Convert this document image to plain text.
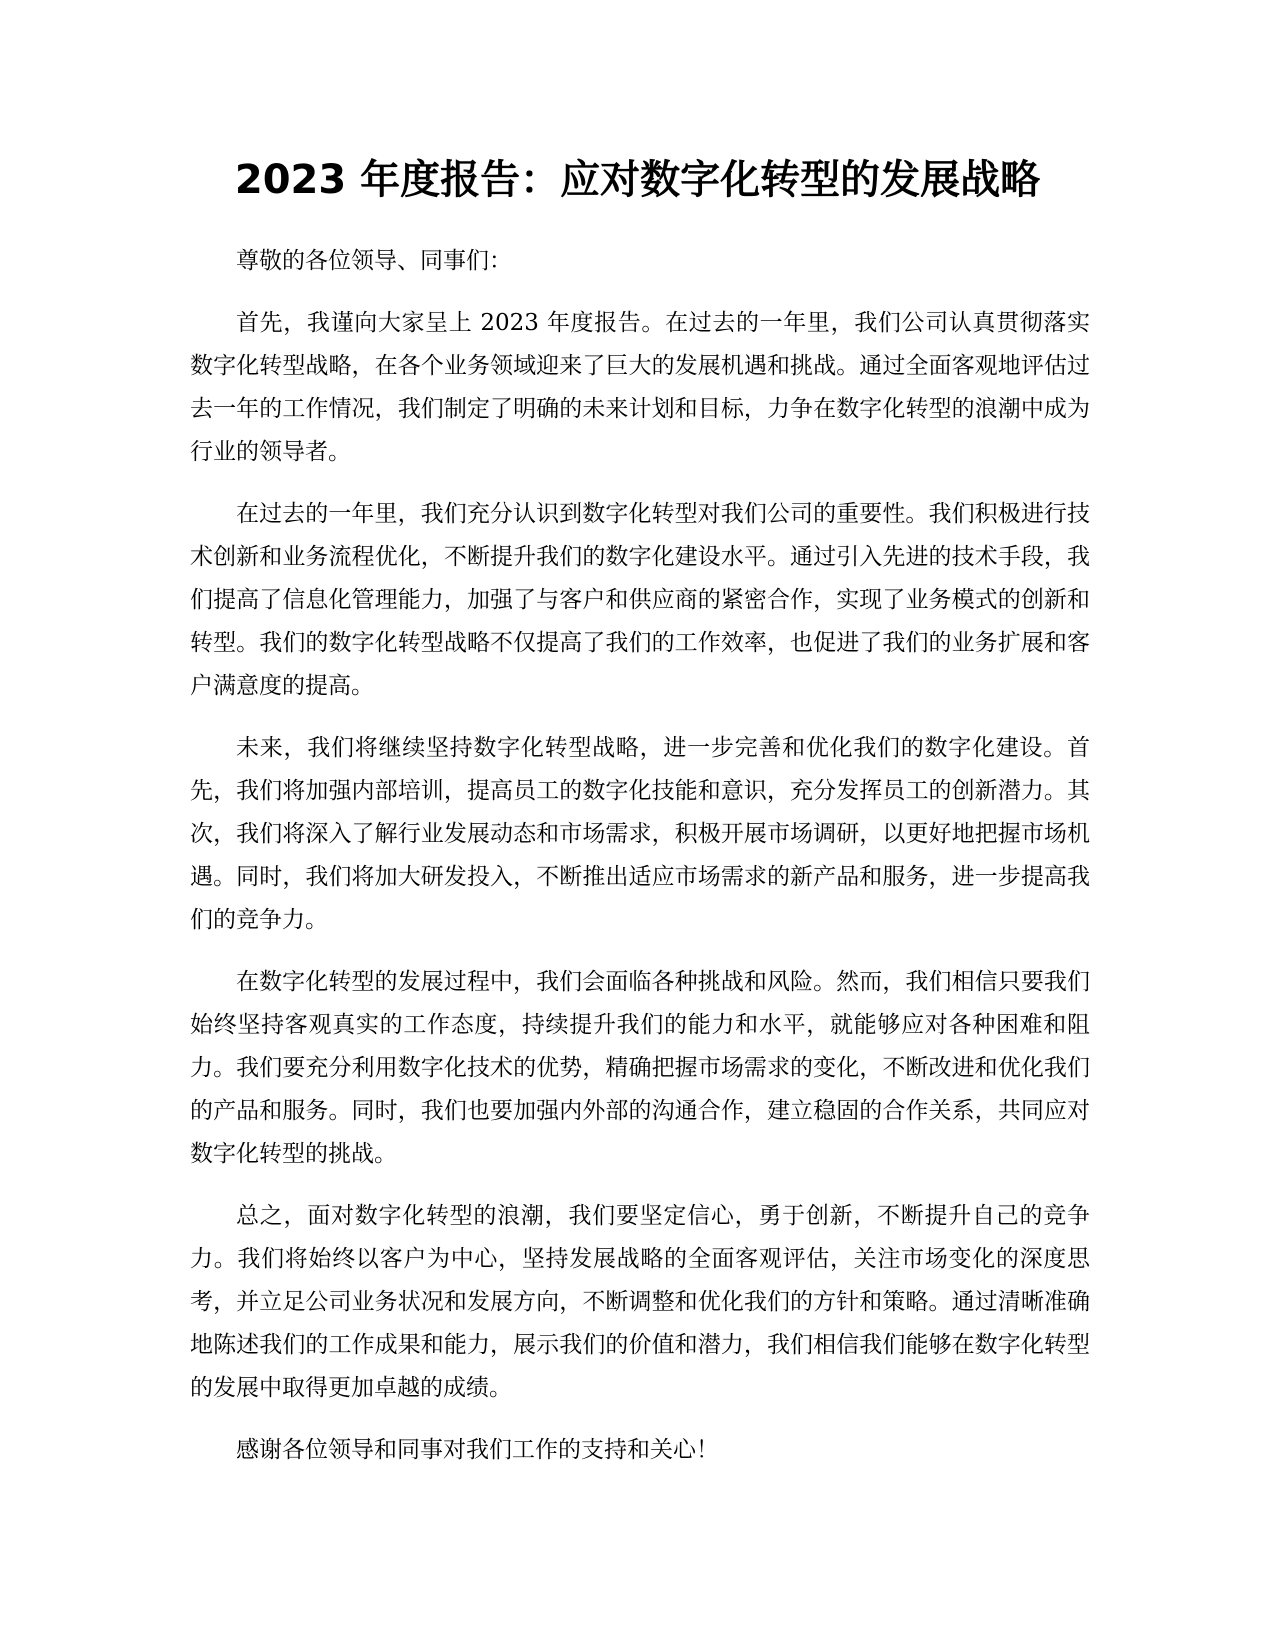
2023 年度报告：应对数字化转型的发展战略

尊敬的各位领导、同事们：

首先，我谨向大家呈上 2023 年度报告。在过去的一年里，我们公司认真贯彻落实数字化转型战略，在各个业务领域迎来了巨大的发展机遇和挑战。通过全面客观地评估过去一年的工作情况，我们制定了明确的未来计划和目标，力争在数字化转型的浪潮中成为行业的领导者。

在过去的一年里，我们充分认识到数字化转型对我们公司的重要性。我们积极进行技术创新和业务流程优化，不断提升我们的数字化建设水平。通过引入先进的技术手段，我们提高了信息化管理能力，加强了与客户和供应商的紧密合作，实现了业务模式的创新和转型。我们的数字化转型战略不仅提高了我们的工作效率，也促进了我们的业务扩展和客户满意度的提高。

未来，我们将继续坚持数字化转型战略，进一步完善和优化我们的数字化建设。首先，我们将加强内部培训，提高员工的数字化技能和意识，充分发挥员工的创新潜力。其次，我们将深入了解行业发展动态和市场需求，积极开展市场调研，以更好地把握市场机遇。同时，我们将加大研发投入，不断推出适应市场需求的新产品和服务，进一步提高我们的竞争力。

在数字化转型的发展过程中，我们会面临各种挑战和风险。然而，我们相信只要我们始终坚持客观真实的工作态度，持续提升我们的能力和水平，就能够应对各种困难和阻力。我们要充分利用数字化技术的优势，精确把握市场需求的变化，不断改进和优化我们的产品和服务。同时，我们也要加强内外部的沟通合作，建立稳固的合作关系，共同应对数字化转型的挑战。

总之，面对数字化转型的浪潮，我们要坚定信心，勇于创新，不断提升自己的竞争力。我们将始终以客户为中心，坚持发展战略的全面客观评估，关注市场变化的深度思考，并立足公司业务状况和发展方向，不断调整和优化我们的方针和策略。通过清晰准确地陈述我们的工作成果和能力，展示我们的价值和潜力，我们相信我们能够在数字化转型的发展中取得更加卓越的成绩。

感谢各位领导和同事对我们工作的支持和关心！
